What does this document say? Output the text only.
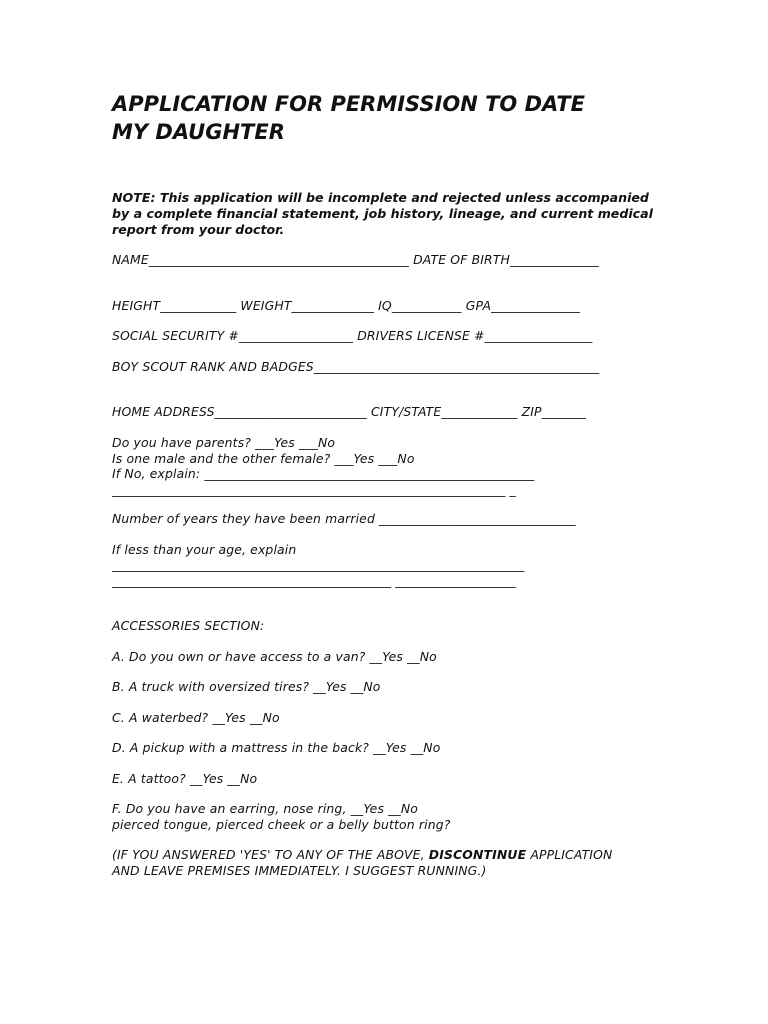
APPLICATION FOR PERMISSION TO DATE
MY DAUGHTER
NOTE: This application will be incomplete and rejected unless accompanied
by a complete financial statement, job history, lineage, and current medical
report from your doctor.
NAME_________________________________________ DATE OF BIRTH______________
HEIGHT____________ WEIGHT_____________ IQ___________ GPA______________
SOCIAL SECURITY #__________________ DRIVERS LICENSE #_________________
BOY SCOUT RANK AND BADGES_____________________________________________
HOME ADDRESS________________________ CITY/STATE____________ ZIP_______
Do you have parents? ___Yes ___No
Is one male and the other female? ___Yes ___No
If No, explain: ____________________________________________________
______________________________________________________________ _
Number of years they have been married _______________________________
If less than your age, explain
_________________________________________________________________
____________________________________________ ___________________
ACCESSORIES SECTION:
A. Do you own or have access to a van? __Yes __No
B. A truck with oversized tires? __Yes __No
C. A waterbed? __Yes __No
D. A pickup with a mattress in the back? __Yes __No
E. A tattoo? __Yes __No
F. Do you have an earring, nose ring, __Yes __No
pierced tongue, pierced cheek or a belly button ring?
(IF YOU ANSWERED 'YES' TO ANY OF THE ABOVE, DISCONTINUE APPLICATION
AND LEAVE PREMISES IMMEDIATELY. I SUGGEST RUNNING.)
